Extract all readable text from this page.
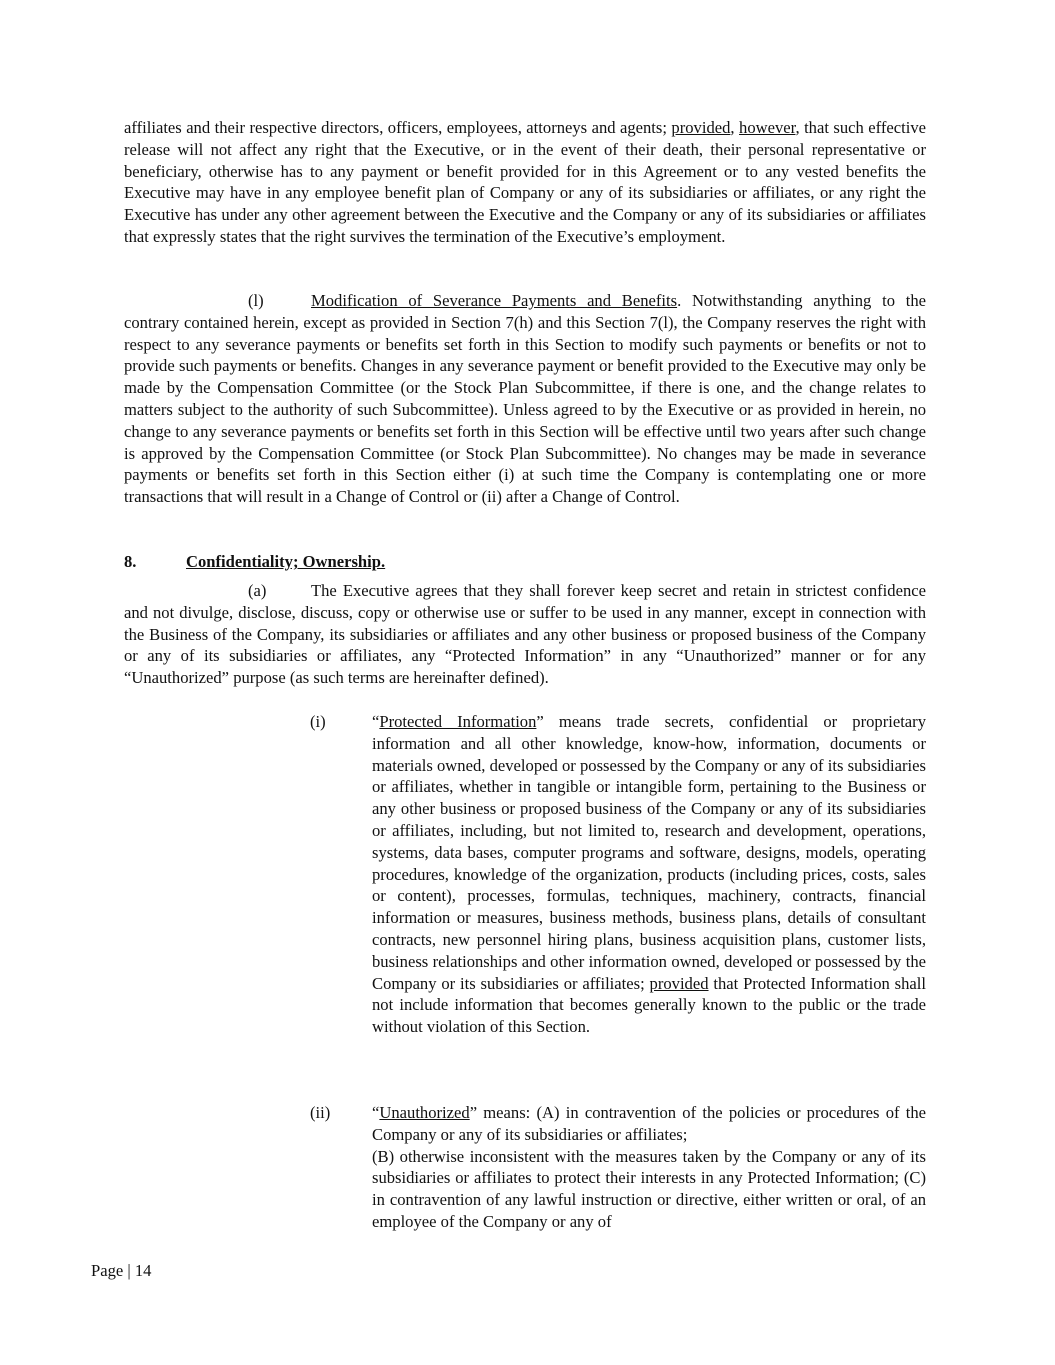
affiliates and their respective directors, officers, employees, attorneys and agents; provided, however, that such effective release will not affect any right that the Executive, or in the event of their death, their personal representative or beneficiary, otherwise has to any payment or benefit provided for in this Agreement or to any vested benefits the Executive may have in any employee benefit plan of Company or any of its subsidiaries or affiliates, or any right the Executive has under any other agreement between the Executive and the Company or any of its subsidiaries or affiliates that expressly states that the right survives the termination of the Executive’s employment.

(l)	Modification of Severance Payments and Benefits. Notwithstanding anything to the contrary contained herein, except as provided in Section 7(h) and this Section 7(l), the Company reserves the right with respect to any severance payments or benefits set forth in this Section to modify such payments or benefits or not to provide such payments or benefits. Changes in any severance payment or benefit provided to the Executive may only be made by the Compensation Committee (or the Stock Plan Subcommittee, if there is one, and the change relates to matters subject to the authority of such Subcommittee). Unless agreed to by the Executive or as provided in herein, no change to any severance payments or benefits set forth in this Section will be effective until two years after such change is approved by the Compensation Committee (or Stock Plan Subcommittee). No changes may be made in severance payments or benefits set forth in this Section either (i) at such time the Company is contemplating one or more transactions that will result in a Change of Control or (ii) after a Change of Control.

8.	Confidentiality; Ownership.

(a)	The Executive agrees that they shall forever keep secret and retain in strictest confidence and not divulge, disclose, discuss, copy or otherwise use or suffer to be used in any manner, except in connection with the Business of the Company, its subsidiaries or affiliates and any other business or proposed business of the Company or any of its subsidiaries or affiliates, any “Protected Information” in any “Unauthorized” manner or for any “Unauthorized” purpose (as such terms are hereinafter defined).

(i)	“Protected Information” means trade secrets, confidential or proprietary information and all other knowledge, know-how, information, documents or materials owned, developed or possessed by the Company or any of its subsidiaries or affiliates, whether in tangible or intangible form, pertaining to the Business or any other business or proposed business of the Company or any of its subsidiaries or affiliates, including, but not limited to, research and development, operations, systems, data bases, computer programs and software, designs, models, operating procedures, knowledge of the organization, products (including prices, costs, sales or content), processes, formulas, techniques, machinery, contracts, financial information or measures, business methods, business plans, details of consultant contracts, new personnel hiring plans, business acquisition plans, customer lists, business relationships and other information owned, developed or possessed by the Company or its subsidiaries or affiliates; provided that Protected Information shall not include information that becomes generally known to the public or the trade without violation of this Section.

(ii)	“Unauthorized” means: (A) in contravention of the policies or procedures of the Company or any of its subsidiaries or affiliates;
(B) otherwise inconsistent with the measures taken by the Company or any of its subsidiaries or affiliates to protect their interests in any Protected Information; (C) in contravention of any lawful instruction or directive, either written or oral, of an employee of the Company or any of

Page | 14
